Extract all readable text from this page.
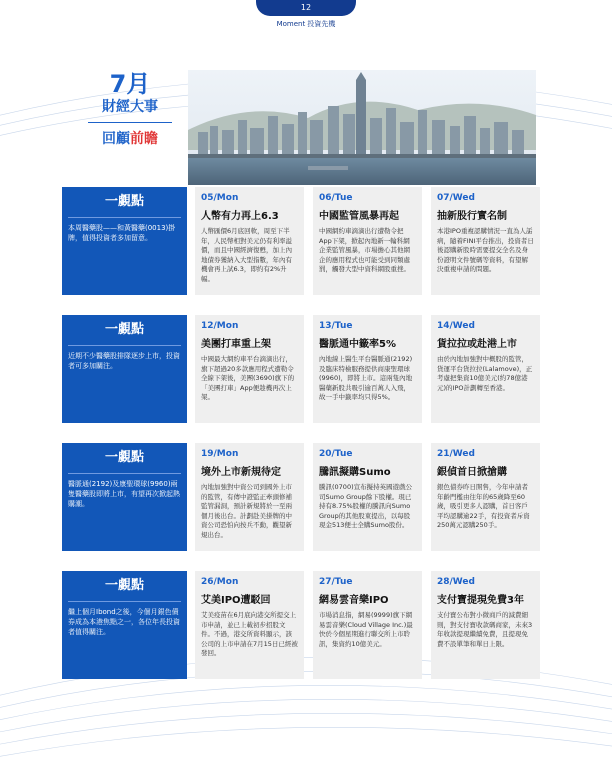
12
Moment 投資先機
7月
財經大事
回顧前瞻
一覷點
本周醫藥股——和黃醫藥(0013)掛牌，值得投資者多加留意。
05/Mon
人幣有力再上6.3
人幣匯價6月底回軟，周至下半年，人民幣相對美元仍有利率溢價，而且中國經濟復甦，加上內地債券獲納入大型指數，年內有機會再上試6.3，即約有2%升幅。
06/Tue
中國監管風暴再起
中國網約車滴滴出行遭勒令把App下架，掀起內地新一輪科網企業監管風暴，市場擔心其他網企的應用程式也可能受到同類處罰，觸發大型中資科網股重挫。
07/Wed
抽新股行實名制
本港IPO重複認購情況一直為人詬病，隨着FINI平台推出，投資者日後認購新股時需要提交全名及身份證明文件號碼等資料，有望解決重複申請的問題。
一覷點
近期不少醫藥股排隊逐步上市，投資者可多加關注。
12/Mon
美團打車重上架
中國最大網約車平台滴滴出行，旗下超過20多款應用程式遭勒令全線下架後，美團(3690)旗下的「美團打車」App便趁機再次上架。
13/Tue
醫脈通中籤率5%
內地線上醫生平台醫脈通(2192)及臨床特檢服務提供商康聖環球(9960)，即將上市。這兩隻內地醫藥新股共吸引逾百萬人入飛，故一手中籤率均只得5%。
14/Wed
貨拉拉或赴港上市
由於內地加強對中概股的監管，貨運平台貨拉拉(Lalamove)，正考慮把集資10億美元(約78億港元)的IPO計劃轉至香港。
一覷點
醫脈通(2192)及康聖環球(9960)兩隻醫藥股即將上市，有望再次掀起熱購潮。
19/Mon
境外上市新規待定
內地加強對中資公司到國外上市的監管，有傳中證監正牽頭修補監管漏洞，預計新規將於一至兩個月後出台。計劃赴美掛牌的中資公司恐怕向按兵不動，觀望新規出台。
20/Tue
騰訊擬購Sumo
騰訊(0700)宣布擬持英國遊戲公司Sumo Group餘下股權。現已持有8.75%股權的騰訊向Sumo Group的其他股東提出，以每股現金513便士全購Sumo股份。
21/Wed
銀偵首日掀搶購
銀色債券昨日開售，今年申請者年齡門檻由往年的65歲降至60歲，吸引更多人認購，首日客戶平均認購逾22手，有投資者斥資250萬元認購250手。
一覷點
繼上個月Ibond之後，今個月銀色債券成為本港焦點之一，各位年長投資者值得關注。
26/Mon
艾美IPO遭駁回
艾美疫苗在6月底向港交所提交上市申請，並已上載初步招股文件。不過，港交所資料顯示，該公司的上市申請在7月15日已經被發回。
27/Tue
網易雲音樂IPO
市場消息指，網易(9999)旗下網易雲音樂(Cloud Village Inc.)最快於今個星期進行聯交所上市聆訊，集資約10億美元。
28/Wed
支付寶提現免費3年
支付寶公布對小微商戶的減費細則，對支付寶收款碼商家，未來3年收款提現繼續免費，且提現免費不設單筆和單日上限。
